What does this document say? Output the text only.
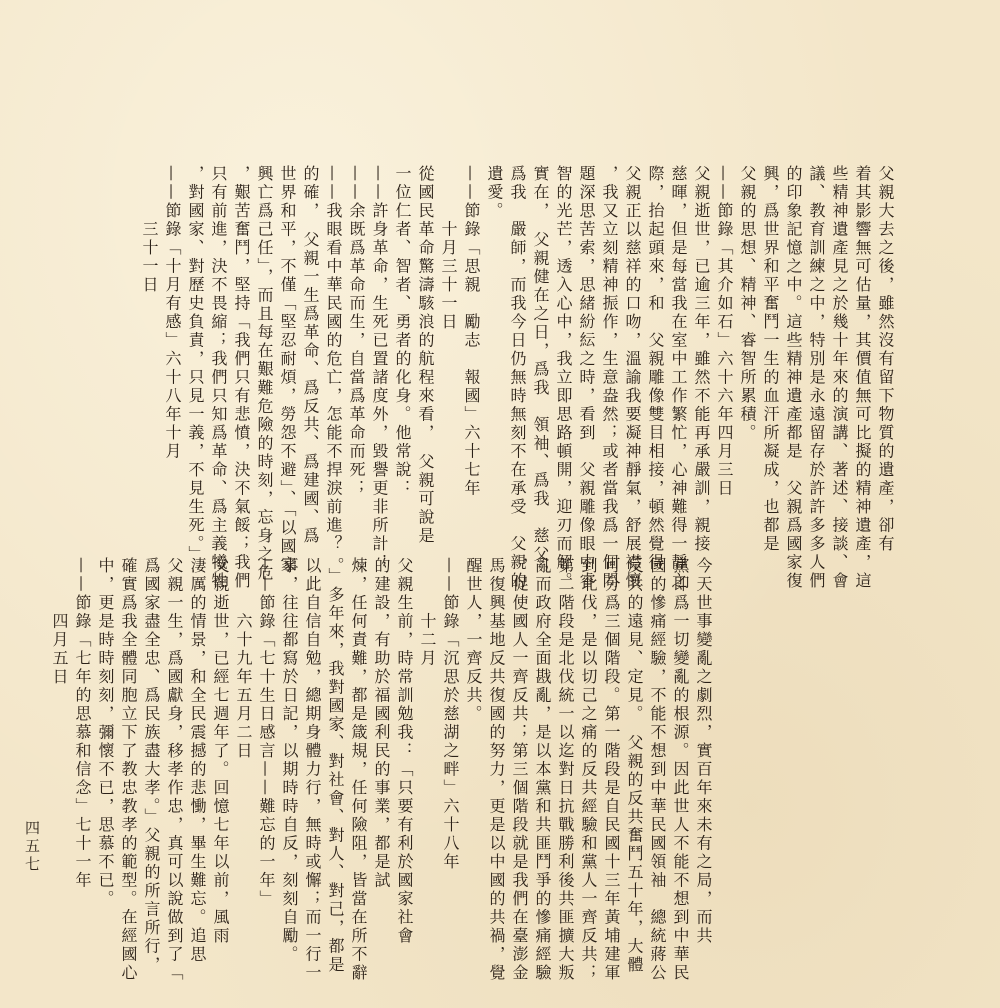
父親大去之後，雖然沒有留下物質的遺產，卻有
着其影響無可估量，其價值無可比擬的精神遺產，這
些精神遺產見之於幾十年來的演講、著述、接談、會
議、教育訓練之中，特別是永遠留存於許許多多人們
的印象記憶之中。這些精神遺產都是　父親爲國家復
興，爲世界和平奮鬥一生的血汗所凝成，也都是
父親的思想、精神、睿智所累積。
——節錄「其介如石」六十六年四月三日
父親逝世，已逾三年，雖然不能再承嚴訓，親接
慈暉，但是每當我在室中工作繁忙，心神難得一靜之
際，抬起頭來，和　父親雕像雙目相接，頓然覺得
父親正以慈祥的口吻，溫諭我要凝神靜氣，舒展襟懷
，我又立刻精神振作，生意盎然；或者當我爲一個問
題深思苦索，思緒紛紜之時，看到　父親雕像眼中睿
智的光芒，透入心中，我立即思路頓開，迎刃而解。
實在，　父親健在之日，爲我　領袖、爲我　慈父，
爲我　嚴師，而我今日仍無時無刻不在承受　父親的
遺愛。
——節錄「思親　勵志　報國」六十七年
　　　十月三十一日
從國民革命驚濤駭浪的航程來看，　父親可說是
一位仁者、智者、勇者的化身。他常說：
——許身革命，生死已置諸度外，毀譽更非所計；
——余既爲革命而生，自當爲革命而死；
——我眼看中華民國的危亡，怎能不捍淚前進？
的確，　父親一生爲革命、爲反共、爲建國、爲
世界和平，不僅「堅忍耐煩，勞怨不避」、「以國家
興亡爲己任」，而且每在艱難危險的時刻，忘身之危
，艱苦奮鬥，堅持「我們只有悲憤，決不氣餒；我們
只有前進，決不畏縮；我們只知爲革命、爲主義犧牲
，對國家、對歷史負責，只見一義，不見生死。」
——節錄「十月有感」六十八年十月
　　　三十一日
今天世事變亂之劇烈，實百年來未有之局，而共
黨即爲一切變亂的根源。因此世人不能不想到中華民
國的慘痛經驗，不能不想到中華民國領袖　總統蔣公
反共的遠見、定見。　父親的反共奮鬥五十年，大體
可分爲三個階段。第一階段是自民國十三年黃埔建軍
到北伐，是以切己之痛的反共經驗和黨人一齊反共；
第二階段是北伐統一以迄對日抗戰勝利後共匪擴大叛
亂而政府全面戡亂，是以本黨和共匪鬥爭的慘痛經驗
，促使國人一齊反共；第三個階段就是我們在臺澎金
馬復興基地反共復國的努力，更是以中國的共禍，覺
醒世人，一齊反共。
——節錄「沉思於慈湖之畔」六十八年
　　　十二月
父親生前，時常訓勉我：「只要有利於國家社會
的建設，有助於福國利民的事業，都是試
煉，任何責難，都是箴規，任何險阻，皆當在所不辭
。」多年來，我對國家、對社會、對人、對己，都是
以此自信自勉，總期身體力行，無時或懈；而一行一
事，往往都寫於日記，以期時時自反，刻刻自勵。
——節錄「七十生日感言——難忘的一年」
　　　六十九年五月二日
父親逝世，已經七週年了。回憶七年以前，風雨
淒厲的情景，和全民震撼的悲慟，畢生難忘。追思
父親一生，爲國獻身，移孝作忠，真可以說做到了「
爲國家盡全忠、爲民族盡大孝。」父親的所言所行，
確實爲我全體同胞立下了教忠教孝的範型。在經國心
中，更是時時刻刻，彌懷不已，思慕不已。
——節錄「七年的思慕和信念」七十一年
　　　四月五日
四五七
